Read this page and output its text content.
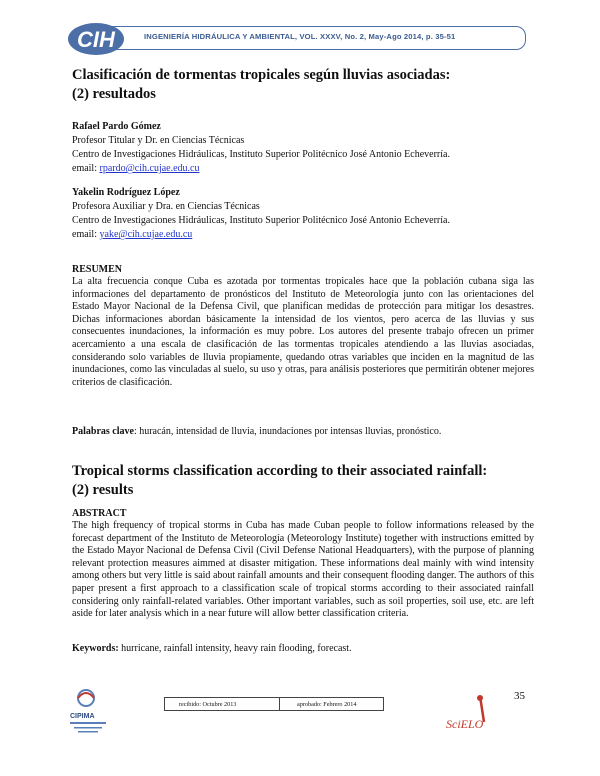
CIH	INGENIERÍA HIDRÁULICA Y AMBIENTAL, VOL. XXXV, No. 2, May-Ago 2014, p. 35-51
Clasificación de tormentas tropicales según lluvias asociadas:
(2) resultados
Rafael Pardo Gómez
Profesor Titular y Dr. en Ciencias Técnicas
Centro de Investigaciones Hidráulicas, Instituto Superior Politécnico José Antonio Echeverría.
email: rpardo@cih.cujae.edu.cu
Yakelin Rodríguez López
Profesora Auxiliar y Dra. en Ciencias Técnicas
Centro de Investigaciones Hidráulicas, Instituto Superior Politécnico José Antonio Echeverría.
email: yake@cih.cujae.edu.cu
RESUMEN
La alta frecuencia conque Cuba es azotada por tormentas tropicales hace que la población cubana siga las informaciones del departamento de pronósticos del Instituto de Meteorología junto con las orientaciones del Estado Mayor Nacional de la Defensa Civil, que planifican medidas de protección para mitigar los desastres. Dichas informaciones abordan básicamente la intensidad de los vientos, pero acerca de las lluvias y sus consecuentes inundaciones, la información es muy pobre. Los autores del presente trabajo ofrecen un primer acercamiento a una escala de clasificación de las tormentas tropicales atendiendo a las lluvias asociadas, considerando solo variables de lluvia propiamente, quedando otras variables que inciden en la magnitud de las inundaciones, como las vinculadas al suelo, su uso y otras, para análisis posteriores que permitirán obtener mejores criterios de clasificación.
Palabras clave: huracán, intensidad de lluvia, inundaciones por intensas lluvias, pronóstico.
Tropical storms classification according to their associated rainfall:
(2) results
ABSTRACT
The high frequency of tropical storms in Cuba has made Cuban people to follow informations released by the forecast department of the Instituto de Meteorología (Meteorology Institute) together with instructions emitted by the Estado Mayor Nacional de Defensa Civil (Civil Defense National Headquarters), with the purpose of planning relevant protection measures aimmed at disaster mitigation. These informations deal mainly with wind intensity among others but very little is said about rainfall amounts and their consequent flooding danger. The authors of this paper present a first approach to a classification scale of tropical storms according to their associated rainfall considering only rainfall-related variables. Other important variables, such as soil properties, soil use, etc. are left aside for later analysis which in a near future will allow better classification criteria.
Keywords: hurricane, rainfall intensity, heavy rain flooding, forecast.
CIPIMA
recibido: Octubre 2013	aprobado: Febrero 2014
35
SciELO
